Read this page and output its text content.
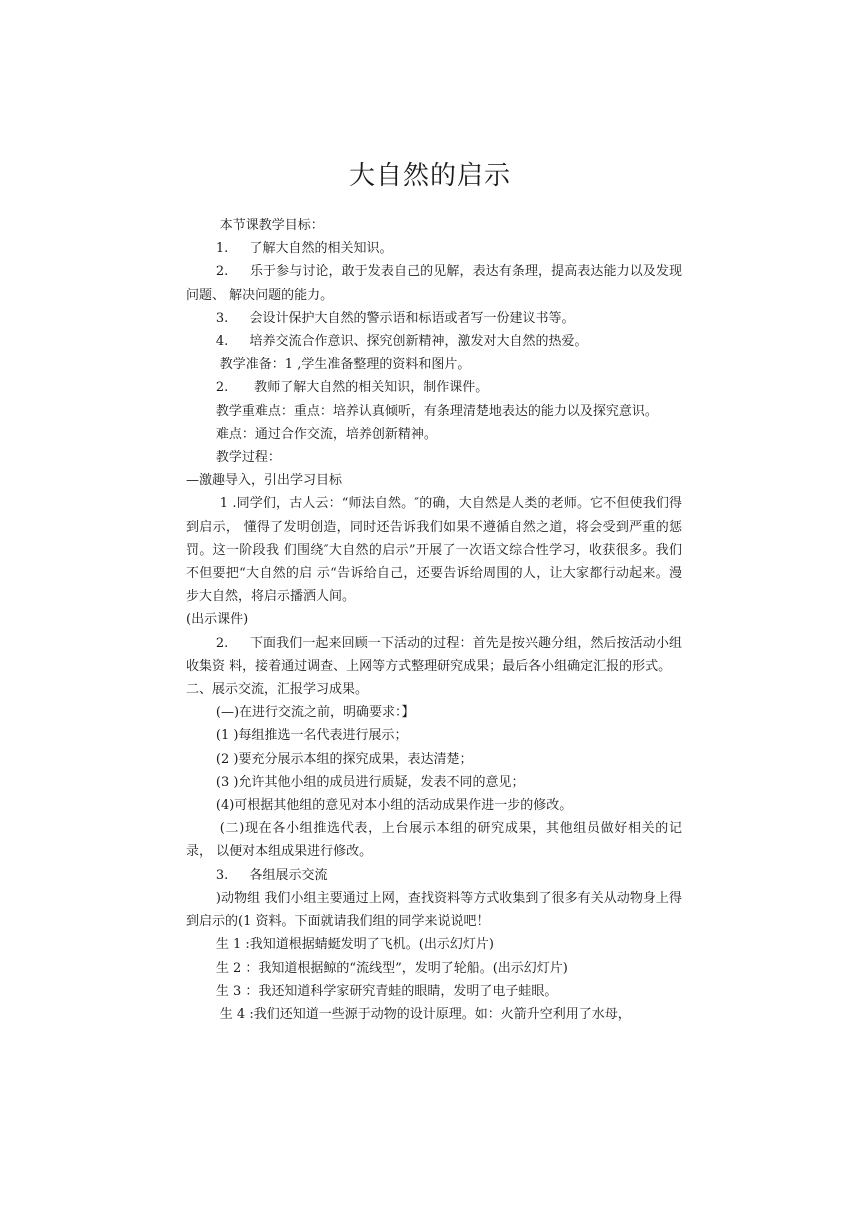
大自然的启示

本节课教学目标：

1.　  了解大自然的相关知识。

2.　  乐于参与讨论，敢于发表自己的见解，表达有条理，提高表达能力以及发现问题、 解决问题的能力。

3.　  会设计保护大自然的警示语和标语或者写一份建议书等。

4.　  培养交流合作意识、探究创新精神，激发对大自然的热爱。

教学准备：1 ,学生准备整理的资料和图片。

2.　　教师了解大自然的相关知识，制作课件。

教学重难点：重点：培养认真倾听，有条理清楚地表达的能力以及探究意识。

难点：通过合作交流，培养创新精神。

教学过程：

—激趣导入，引出学习目标

1 .同学们，古人云：“师法自然。″的确，大自然是人类的老师。它不但使我们得到启示， 懂得了发明创造，同时还告诉我们如果不遵循自然之道，将会受到严重的惩罚。这一阶段我 们围绕″大自然的启示”开展了一次语文综合性学习，收获很多。我们不但要把“大自然的启 示“告诉给自己，还要告诉给周围的人，让大家都行动起来。漫步大自然，将启示播洒人间。

(出示课件)

2.　  下面我们一起来回顾一下活动的过程：首先是按兴趣分组，然后按活动小组收集资 料，接着通过调查、上网等方式整理研究成果；最后各小组确定汇报的形式。

二、展示交流，汇报学习成果。

(—)在进行交流之前，明确要求：】

(1 )每组推选一名代表进行展示；

(2 )要充分展示本组的探究成果，表达清楚；

(3 )允许其他小组的成员进行质疑，发表不同的意见；

(4)可根据其他组的意见对本小组的活动成果作进一步的修改。

(二)现在各小组推选代表，上台展示本组的研究成果，其他组员做好相关的记录， 以便对本组成果进行修改。

3.　  各组展示交流

)动物组 我们小组主要通过上网，查找资料等方式收集到了很多有关从动物身上得 到启示的(1 资料。下面就请我们组的同学来说说吧！

生 1 :我知道根据蜻蜓发明了飞机。(出示幻灯片)

生 2 ：我知道根据鲸的“流线型”，发明了轮船。(出示幻灯片)

生 3 ：我还知道科学家研究青蛙的眼睛，发明了电子蛙眼。

生 4 :我们还知道一些源于动物的设计原理。如：火箭升空利用了水母，
